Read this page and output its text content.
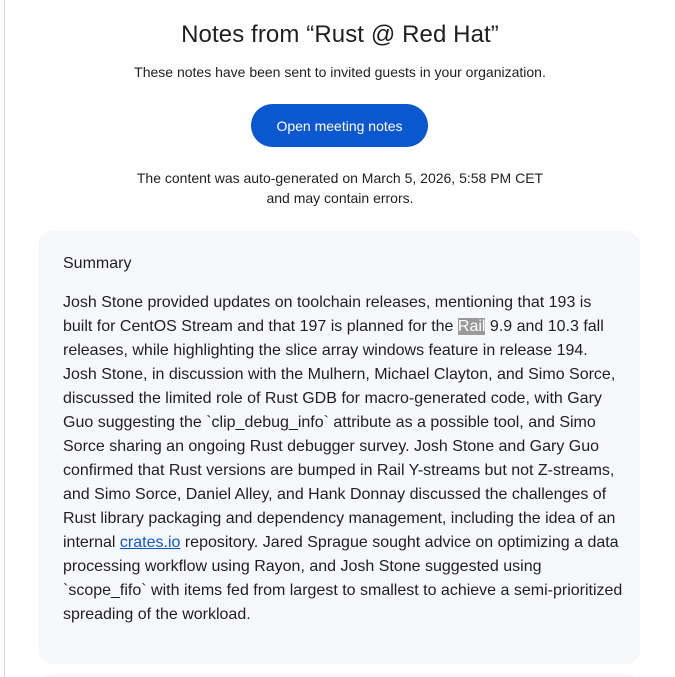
Notes from “Rust @ Red Hat”
These notes have been sent to invited guests in your organization.
Open meeting notes
The content was auto-generated on March 5, 2026, 5:58 PM CET
and may contain errors.
Summary
Josh Stone provided updates on toolchain releases, mentioning that 193 is built for CentOS Stream and that 197 is planned for the Rail 9.9 and 10.3 fall releases, while highlighting the slice array windows feature in release 194. Josh Stone, in discussion with the Mulhern, Michael Clayton, and Simo Sorce, discussed the limited role of Rust GDB for macro-generated code, with Gary Guo suggesting the `clip_debug_info` attribute as a possible tool, and Simo Sorce sharing an ongoing Rust debugger survey. Josh Stone and Gary Guo confirmed that Rust versions are bumped in Rail Y-streams but not Z-streams, and Simo Sorce, Daniel Alley, and Hank Donnay discussed the challenges of Rust library packaging and dependency management, including the idea of an internal crates.io repository. Jared Sprague sought advice on optimizing a data processing workflow using Rayon, and Josh Stone suggested using `scope_fifo` with items fed from largest to smallest to achieve a semi-prioritized spreading of the workload.
